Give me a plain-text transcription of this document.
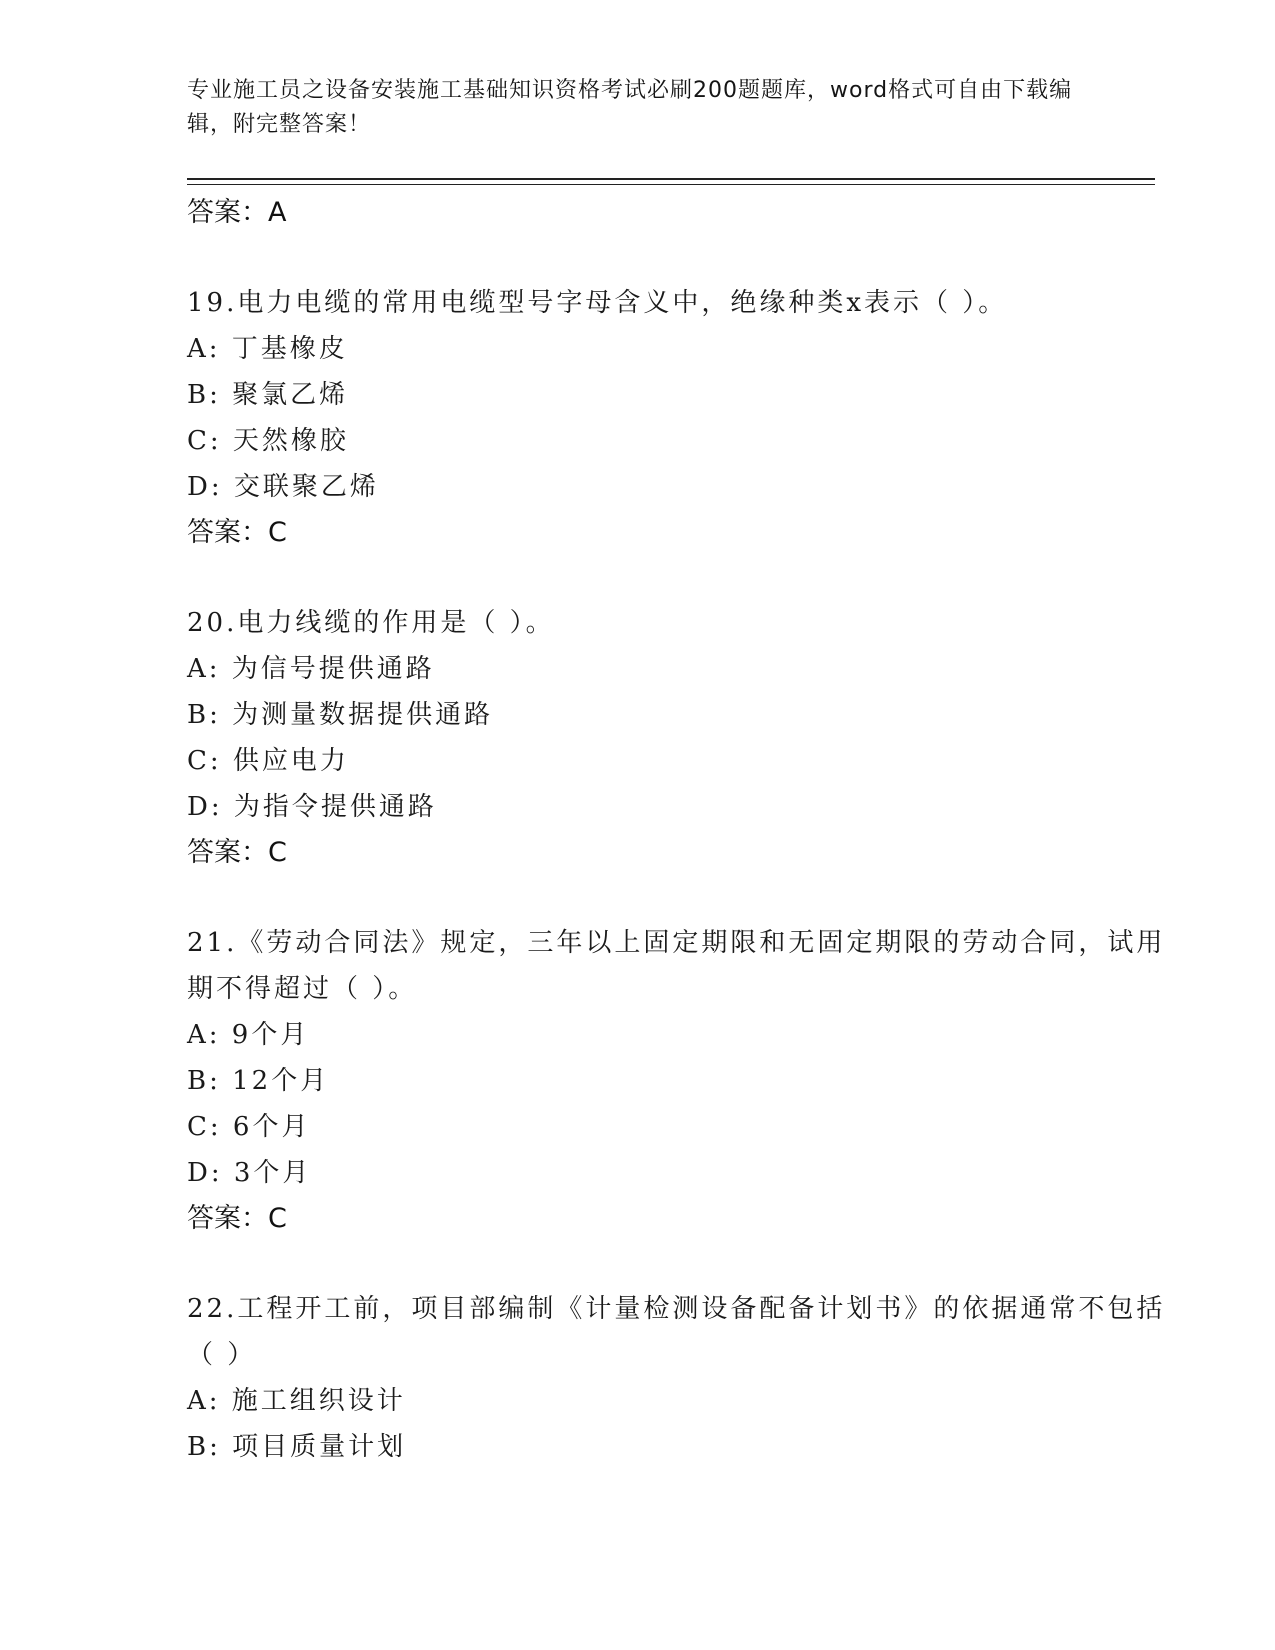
专业施工员之设备安装施工基础知识资格考试必刷200题题库，word格式可自由下载编辑，附完整答案！
答案：A
19.电力电缆的常用电缆型号字母含义中，绝缘种类x表示（ ）。
A: 丁基橡皮
B: 聚氯乙烯
C: 天然橡胶
D: 交联聚乙烯
答案：C
20.电力线缆的作用是（ ）。
A: 为信号提供通路
B: 为测量数据提供通路
C: 供应电力
D: 为指令提供通路
答案：C
21.《劳动合同法》规定，三年以上固定期限和无固定期限的劳动合同，试用期不得超过（ ）。
A: 9个月
B: 12个月
C: 6个月
D: 3个月
答案：C
22.工程开工前，项目部编制《计量检测设备配备计划书》的依据通常不包括（ ）
A: 施工组织设计
B: 项目质量计划
